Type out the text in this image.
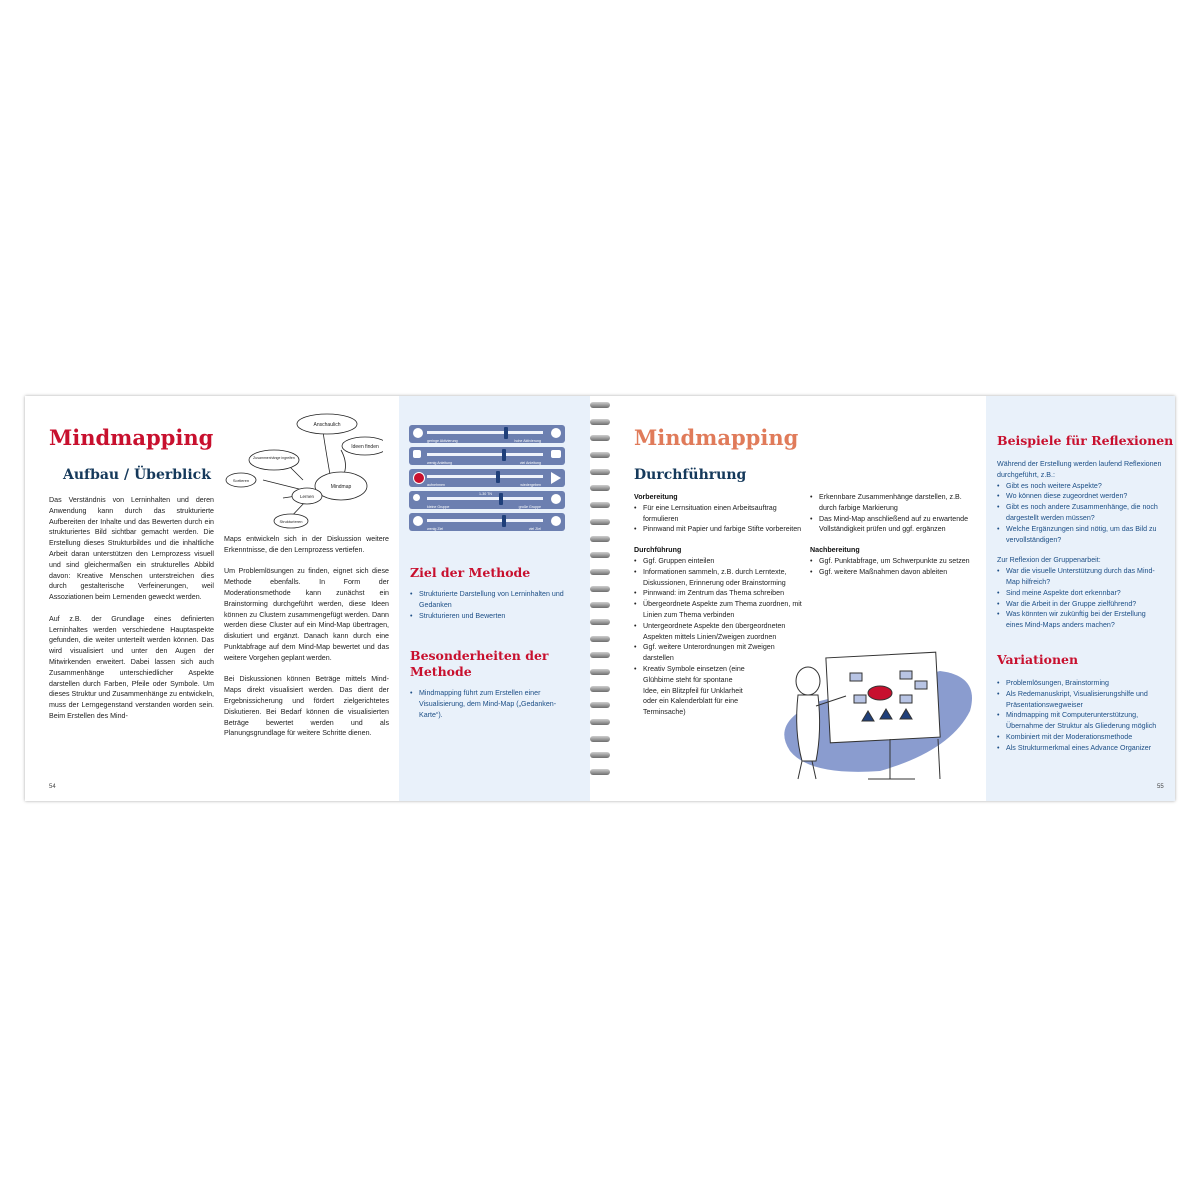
Mindmapping
Aufbau / Überblick
Anschaulich
Ideen finden
Zusammenhänge ingreifen
Mindmap
Sortieren
Lernen
Strukturieren

Das Verständnis von Lerninhalten und deren Anwendung kann durch das strukturierte Aufbereiten der Inhalte und das Bewerten durch ein strukturiertes Bild sichtbar gemacht werden. Die Erstellung dieses Strukturbildes und die inhaltliche Arbeit daran unterstützen den Lernprozess visuell und sind gleichermaßen ein strukturelles Abbild davon: Kreative Menschen unterstreichen dies durch gestalterische Verfeinerungen, weil Assoziationen beim Lernenden geweckt werden.

Auf z.B. der Grundlage eines definierten Lerninhaltes werden verschiedene Hauptaspekte gefunden, die weiter unterteilt werden können. Das wird visualisiert und unter den Augen der Mitwirkenden erweitert. Dabei lassen sich auch Zusammenhänge unterschiedlicher Aspekte darstellen durch Farben, Pfeile oder Symbole. Um dieses Struktur und Zusammenhänge zu entwickeln, muss der Lerngegenstand verstanden worden sein. Beim Erstellen des Mind-

Maps entwickeln sich in der Diskussion weitere Erkenntnisse, die den Lernprozess vertiefen.

Um Problemlösungen zu finden, eignet sich diese Methode ebenfalls. In Form der Moderationsmethode kann zunächst ein Brainstorming durchgeführt werden, diese Ideen können zu Clustern zusammengefügt werden. Dann werden diese Cluster auf ein Mind-Map übertragen, diskutiert und ergänzt. Danach kann durch eine Punktabfrage auf dem Mind-Map bewertet und das weitere Vorgehen geplant werden.

Bei Diskussionen können Beträge mittels Mind-Maps direkt visualisiert werden. Das dient der Ergebnissicherung und fördert zielgerichtetes Diskutieren. Bei Bedarf können die visualisierten Beträge bewertet werden und als Planungsgrundlage für weitere Schritte dienen.

54
geringe Aktivierung	hohe Aktivierung
wenig Anleitung	viel Anleitung
aufnehmen	wiedergeben
1-30 TN
kleine Gruppe	große Gruppe
wenig Ziel	viel Ziel
Ziel der Methode
• Strukturierte Darstellung von Lerninhalten und Gedanken
• Strukturieren und Bewerten
Besonderheiten der Methode
• Mindmapping führt zum Erstellen einer Visualisierung, dem Mind-Map („Gedanken-Karte“).
Mindmapping
Durchführung
Vorbereitung
• Für eine Lernsituation einen Arbeitsauftrag formulieren
• Pinnwand mit Papier und farbige Stifte vorbereiten
Durchführung
• Ggf. Gruppen einteilen
• Informationen sammeln, z.B. durch Lerntexte, Diskussionen, Erinnerung oder Brainstorming
• Pinnwand: im Zentrum das Thema schreiben
• Übergeordnete Aspekte zum Thema zuordnen, mit Linien zum Thema verbinden
• Untergeordnete Aspekte den übergeordneten Aspekten mittels Linien/Zweigen zuordnen
• Ggf. weitere Unterordnungen mit Zweigen darstellen
• Kreativ Symbole einsetzen (eine Glühbirne steht für spontane Idee, ein Blitzpfeil für Unklarheit oder ein Kalenderblatt für eine Terminsache)
• Erkennbare Zusammenhänge darstellen, z.B. durch farbige Markierung
• Das Mind-Map anschließend auf zu erwartende Vollständigkeit prüfen und ggf. ergänzen
Nachbereitung
• Ggf. Punktabfrage, um Schwerpunkte zu setzen
• Ggf. weitere Maßnahmen davon ableiten
55
Beispiele für Reflexionen
Während der Erstellung werden laufend Reflexionen durchgeführt, z.B.:
• Gibt es noch weitere Aspekte?
• Wo können diese zugeordnet werden?
• Gibt es noch andere Zusammenhänge, die noch dargestellt werden müssen?
• Welche Ergänzungen sind nötig, um das Bild zu vervollständigen?
Zur Reflexion der Gruppenarbeit:
• War die visuelle Unterstützung durch das Mind-Map hilfreich?
• Sind meine Aspekte dort erkennbar?
• War die Arbeit in der Gruppe zielführend?
• Was könnten wir zukünftig bei der Erstellung eines Mind-Maps anders machen?
Variationen
• Problemlösungen, Brainstorming
• Als Redemanuskript, Visualisierungshilfe und Präsentationswegweiser
• Mindmapping mit Computerunterstützung, Übernahme der Struktur als Gliederung möglich
• Kombiniert mit der Moderationsmethode
• Als Strukturmerkmal eines Advance Organizer
